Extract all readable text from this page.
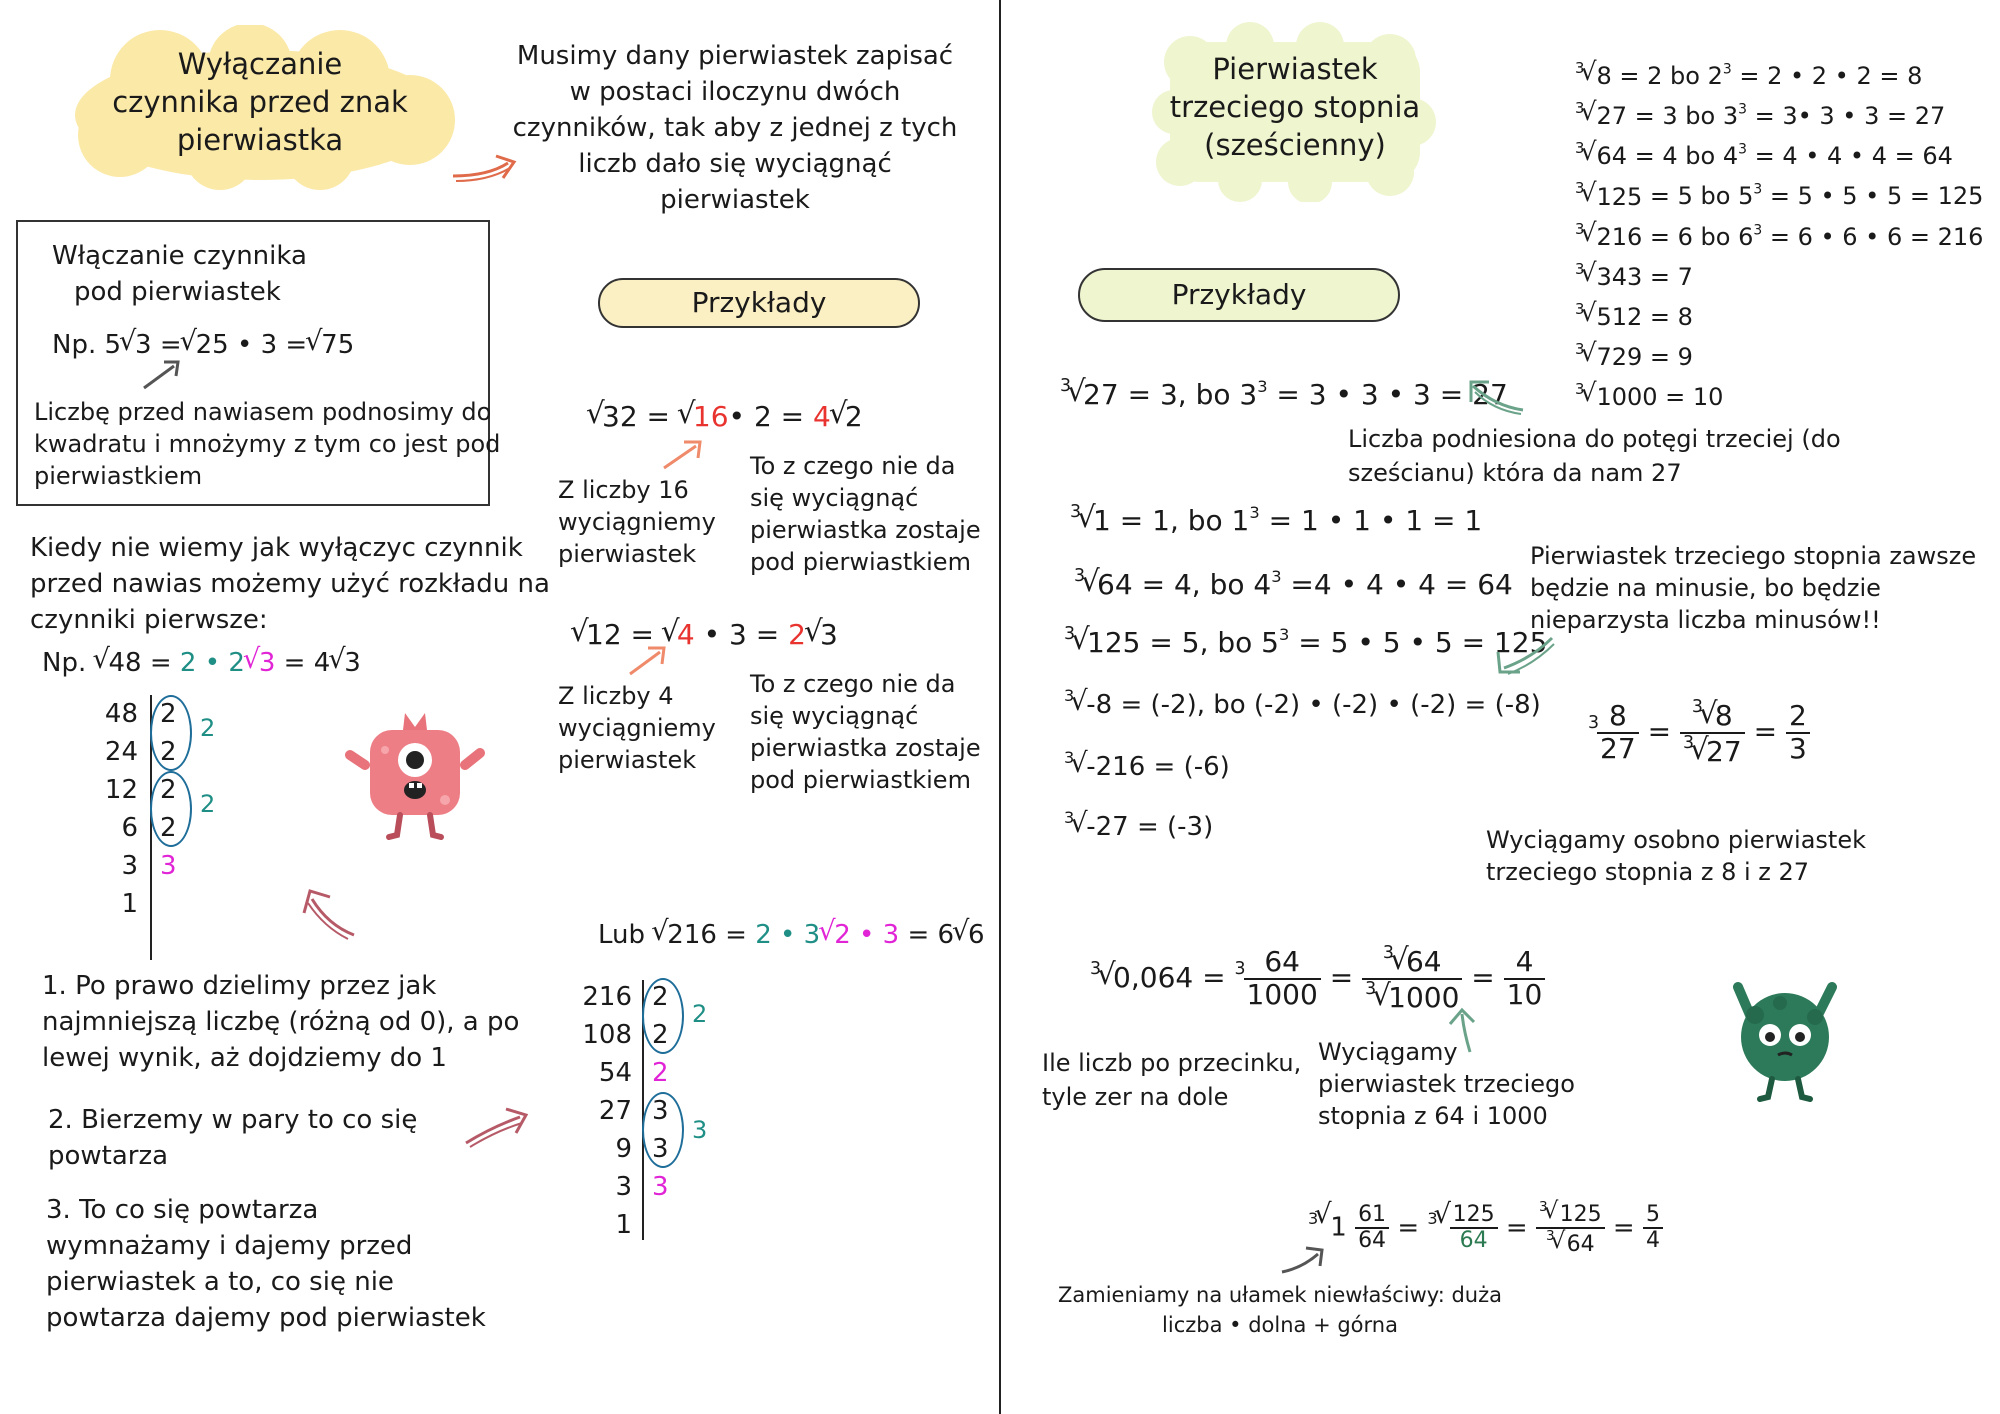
Wyłączanie
czynnika przed znak
pierwiastka
Musimy dany pierwiastek zapisać
w postaci iloczynu dwóch
czynników, tak aby z jednej z tych
liczb dało się wyciągnąć
pierwiastek
Włączanie czynnika
pod pierwiastek
Np. 5 √ 3 =√ 25 • 3 =√ 75
Liczbę przed nawiasem podnosimy do
kwadratu i mnożymy z tym co jest pod
pierwiastkiem
Kiedy nie wiemy jak wyłączyc czynnik
przed nawias możemy użyć rozkładu na
czynniki pierwsze:
Np. √ 48 = 2 • 2 √ 3 = 4 √ 3
48
24
12
6
3
1
2
2
2
2
3
2
2
1. Po prawo dzielimy przez jak
najmniejszą liczbę (różną od 0), a po
lewej wynik, aż dojdziemy do 1
2. Bierzemy w pary to co się
powtarza
3. To co się powtarza
wymnażamy i dajemy przed
pierwiastek a to, co się nie
powtarza dajemy pod pierwiastek
Przykłady
√ 32 = √ 16• 2 = 4 √ 2
Z liczby 16
wyciągniemy
pierwiastek
To z czego nie da
się wyciągnąć
pierwiastka zostaje
pod pierwiastkiem
√ 12 = √ 4 • 3 = 2 √ 3
Z liczby 4
wyciągniemy
pierwiastek
To z czego nie da
się wyciągnąć
pierwiastka zostaje
pod pierwiastkiem
Lub √ 216 = 2 • 3 √ 2 • 3 = 6 √ 6
216
108
54
27
9
3
1
2
2
2
3
3
3
2
3
Pierwiastek
trzeciego stopnia
(sześcienny)
$^3$ √ 8 = 2 bo $2^3 = 2$ • 2 • 2 = 8
$^3$ √ 27 = 3 bo $3^3$ = 3• 3 • 3 = 27
$^3$ √ 64 = 4 bo $4^3 = 4$ • 4 • 4 = 64
$^3$ √ 125 = 5 bo $5^3 = 5$ • 5 • 5 = 125
$^3$ √ 216 = 6 bo $6^3 = 6$ • 6 • 6 = 216
$^3$ √ 343 = 7
$^3$ √ 512 = 8
$^3$ √ 729 = 9
$^3$ √ 1000 = 10
Przykłady
$^3$ √ 27 = 3, bo $3^3 = 3$ • 3 • 3 = 27
Liczba podniesiona do potęgi trzeciej (do
sześcianu) która da nam 27
$^3$ √ 1 = 1, bo $1^3 = 1$ • 1 • 1 = 1
$^3$ √ 64 = 4, bo $4^3 =4$ • 4 • 4 = 64
$^3$ √ 125 = 5, bo $5^3 = 5$ • 5 • 5 = 125
$^3$ √ -8 = (-2), bo (-2) • (-2) • (-2) = (-8)
$^3$ √ -216 = (-6)
$^3$ √ -27 = (-3)
Pierwiastek trzeciego stopnia zawsze
będzie na minusie, bo będzie
nieparzysta liczba minusów!!
$^3$
$\frac{8}{27} = \frac{^3 √ 8}{^3 √ 27} = \frac{2}{3}$
Wyciągamy osobno pierwiastek
trzeciego stopnia z 8 i z 27
$^3$ √ 0,064 = $^3$
$\frac{64}{1000} = \frac{^3 √ 64}{^3 √ 1000} = \frac{4}{10}$
Ile liczb po przecinku,
tyle zer na dole
Wyciągamy
pierwiastek trzeciego
stopnia z 64 i 1000
$^3$ √ $1 \frac{61}{64} = ^3$ √ $\frac{125}{64} = \frac{^3 √ 125}{^3 √ 64} = \frac{5}{4}$
Zamieniamy na ułamek niewłaściwy: duża
liczba • dolna + górna
